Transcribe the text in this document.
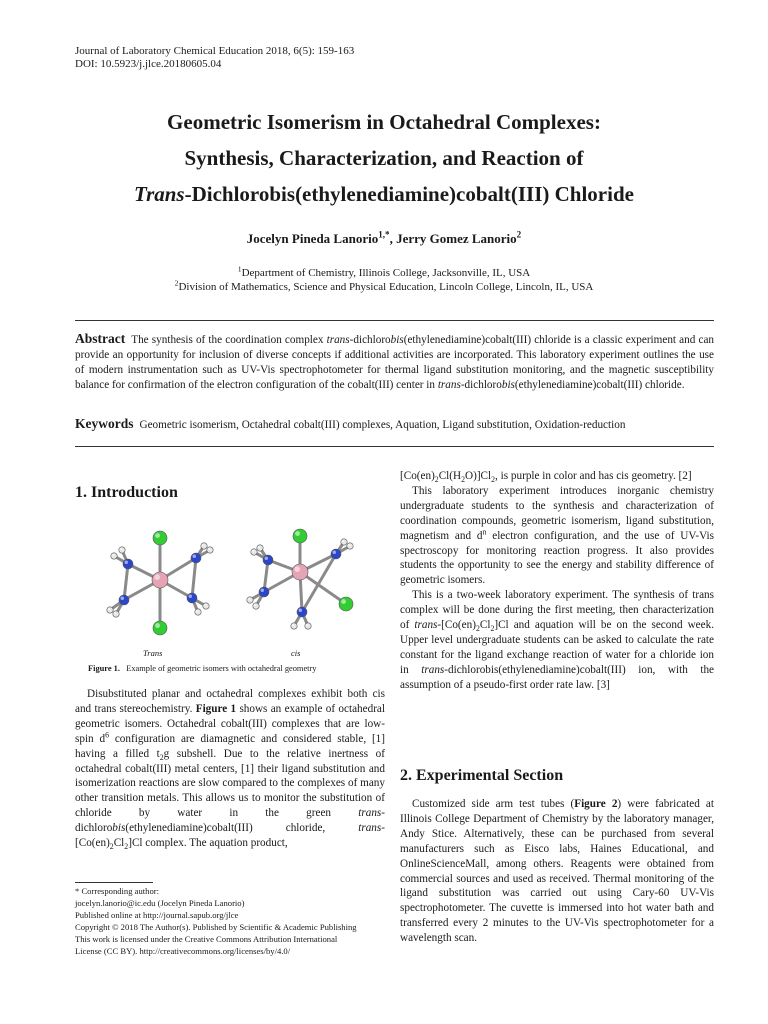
Journal of Laboratory Chemical Education 2018, 6(5): 159-163
DOI: 10.5923/j.jlce.20180605.04
Geometric Isomerism in Octahedral Complexes:
Synthesis, Characterization, and Reaction of
Trans-Dichlorobis(ethylenediamine)cobalt(III) Chloride
Jocelyn Pineda Lanorio$^{1,*}$, Jerry Gomez Lanorio$^2$
$^1$Department of Chemistry, Illinois College, Jacksonville, IL, USA
$^2$Division of Mathematics, Science and Physical Education, Lincoln College, Lincoln, IL, USA
Abstract The synthesis of the coordination complex trans-dichlorobis(ethylenediamine)cobalt(III) chloride is a classic experiment and can provide an opportunity for inclusion of diverse concepts if additional activities are incorporated. This laboratory experiment outlines the use of modern instrumentation such as UV-Vis spectrophotometer for thermal ligand substitution monitoring, and the magnetic susceptibility balance for confirmation of the electron configuration of the cobalt(III) center in trans-dichlorobis(ethylenediamine)cobalt(III) chloride.
Keywords Geometric isomerism, Octahedral cobalt(III) complexes, Aquation, Ligand substitution, Oxidation-reduction
1. Introduction
Trans	cis
Figure 1. Example of geometric isomers with octahedral geometry

Disubstituted planar and octahedral complexes exhibit both cis and trans stereochemistry. Figure 1 shows an example of octahedral geometric isomers. Octahedral cobalt(III) complexes that are low-spin $d^6$ configuration are diamagnetic and considered stable, [1] having a filled $t_2g$ subshell. Due to the relative inertness of octahedral cobalt(III) metal centers, [1] their ligand substitution and isomerization reactions are slow compared to the complexes of many other transition metals. This allows us to monitor the substitution of chloride by water in the green trans-dichlorobis(ethylenediamine)cobalt(III) chloride,	trans-$[Co(en)_2Cl_2]Cl$ complex. The aquation product,

* Corresponding author:
jocelyn.lanorio@ic.edu (Jocelyn Pineda Lanorio)
Published online at http://journal.sapub.org/jlce
Copyright © 2018 The Author(s). Published by Scientific & Academic Publishing
This work is licensed under the Creative Commons Attribution International
License (CC BY). http://creativecommons.org/licenses/by/4.0/

$[Co(en)_2Cl(H_2O)]Cl_2$, is purple in color and has cis geometry. [2]

This laboratory experiment introduces inorganic chemistry undergraduate students to the synthesis and characterization of coordination compounds, geometric isomerism, ligand substitution, magnetism and $d^n$ electron configuration, and the use of UV-Vis spectroscopy for monitoring reaction progress. It also provides students the opportunity to see the energy and stability difference of geometric isomers.

This is a two-week laboratory experiment. The synthesis of trans complex will be done during the first meeting, then characterization of trans-$[Co(en)_2Cl_2]Cl$ and aquation will be on the second week. Upper level undergraduate students can be asked to calculate the rate constant for the ligand exchange reaction of water for a chloride ion in trans-dichlorobis(ethylenediamine)cobalt(III) ion, with the assumption of a pseudo-first order rate law. [3]

2. Experimental Section

Customized side arm test tubes (Figure 2) were fabricated at Illinois College Department of Chemistry by the laboratory manager, Andy Stice. Alternatively, these can be purchased from several manufacturers such as Eisco labs, Haines Educational, and OnlineScienceMall, among others. Reagents were obtained from commercial sources and used as received. Thermal monitoring of the ligand substitution was carried out using Cary-60 UV-Vis spectrophotometer. The cuvette is immersed into hot water bath and transferred every 2 minutes to the UV-Vis spectrophotometer for a wavelength scan.
